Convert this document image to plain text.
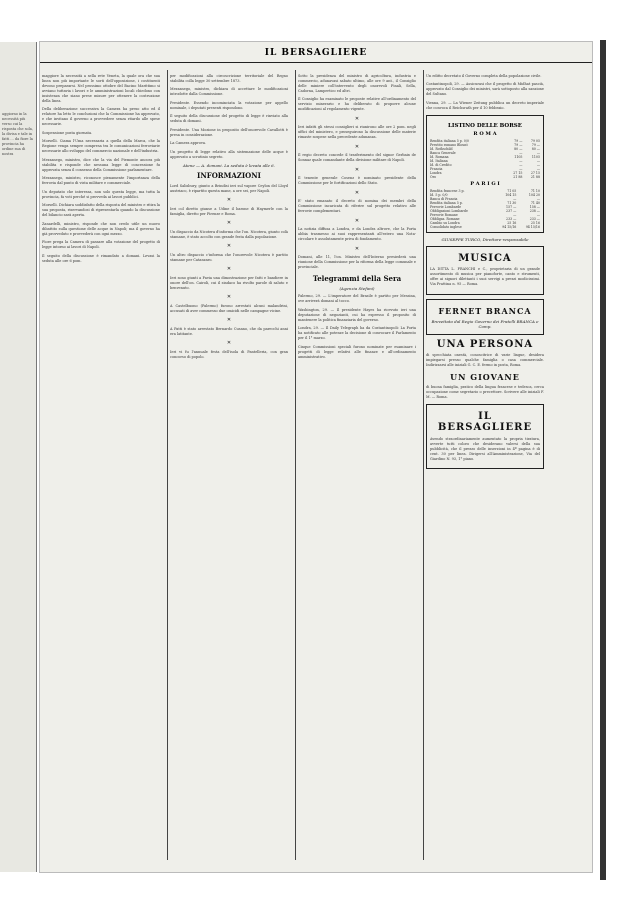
aggiorno in la necessità più verso cui la risposta che sola, la divisa e tale in fatti ... da fiore la provincia ha ordine sua di nostra
IL BERSAGLIERE

maggiore la necessità a sella rete Veneta, la quale ora che sua linea non più importante le sorti dell'opposizione, i costituenti devono prepararsi. Nel prossimo ottobre del Bacino Marittimo si avviano tuttavia i lavori e le amministrazioni locali chiedono con insistenza che siano prese misure per ottenere la costruzione della linea.

Della deliberazione successiva la Camera ha preso atto ed il relatore ha letto le conclusioni che la Commissione ha approvato, e che invitano il governo a provvedere senza ritardo alle spese necessarie.

Sospensione posta giornata.

Morselli. Ciama l'Uma necessaria a quella della Marca, che la Regione venga sempre compresa tra le comunicazioni ferroviarie necessarie allo sviluppo del commercio nazionale e dell'industria.

Mezzanego, ministro, dice che la via del Piemonte ancora più stabilita e risponde che nessuna legge di concessione fu approvata senza il consenso della Commissione parlamentare.

Mezzanego, ministro, riconosce pienamente l'importanza della ferrovia dal punto di vista militare e commerciale.

Un deputato che interessa, non solo questa legge, ma tutta la provincia, fa voti perché si provveda ai lavori pubblici.

Morselli. Dichiara soddisfatto della risposta del ministro e ritira la sua proposta, riservandosi di ripresentarla quando la discussione del bilancio sarà aperta.

Zanardelli, ministro, risponde che non credo utile un nuovo dibattito sulla questione delle acque in Napoli; ma il governo ha già provveduto e provvederà con ogni mezzo.

Fiore prega la Camera di passare alla votazione del progetto di legge intorno ai lavori di Napoli.

Il seguito della discussione è rimandato a domani. Levasi la seduta alle ore 6 pom.

per modificazioni alla circoscrizione territoriale del Regno stabilita colla legge 30 settembre 1873.

Mezzanego, ministro, dichiara di accettare le modificazioni introdotte dalla Commissione.

Presidente. Essendo incominciata la votazione per appello nominale, i deputati presenti rispondono.

Il seguito della discussione del progetto di legge è rinviato alla seduta di domani.

Presidente. Una Mozione in proposito dell'onorevole Cavallotti è presa in considerazione.

La Camera approva.

Un progetto di legge relativo alla sistemazione delle acque è approvato a scrutinio segreto.

Atene — A. domani. La seduta è levata alle 6.

INFORMAZIONI

Lord Salisbury, giunto a Brindisi ieri sul vapore Ceylon del Lloyd austriaco, è ripartito questa mane, a ore sei, per Napoli.

✕

Ieri col diretto giunse a Udine il barone di Haymerle con la famiglia, diretto per Firenze e Roma.

✕

Un dispaccio da Nicotera d'informa che l'on. Nicotera, giunto colà stamane, è stato accolto con grande festa dalla popolazione.

✕

Un altro dispaccio c'informa che l'onorevole Nicotera è partito stamane per Catanzaro.

✕

Ieri sono giunti a Pavia una dimostrazione per fatti e bandiere in onore dell'on. Cairoli, cui il sindaco ha rivolto parole di saluto e benvenuto.

✕

A Castelbuono (Palermo) furono arrestati alcuni malandrini, accusati di aver commesso due omicidi nelle campagne vicine.

✕

A Patti è stato arrestato Bernardo Cusano, che da parecchi anni era latitante.

✕

Ieri vi fu l'annuale festa dell'isola di Pantelleria, con gran concorso di popolo.

Sotto la presidenza del ministro di agricoltura, industria e commercio, adunavasi sabato ultimo, alle ore 9 ant., il Consiglio delle miniere coll'intervento degli onorevoli Finali, Sella, Cadorna, Lampertico ed altri.

Il Consiglio ha esaminato le proposte relative all'ordinamento del servizio minerario e ha deliberato di proporre alcune modificazioni al regolamento vigente.

✕

Ieri infatti gli stessi consiglieri si riunirono alle ore 2 pom. negli uffici del ministero, e proseguirono la discussione delle materie rimaste sospese nella precedente adunanza.

✕

Il regio decreto concede il trasferimento del signor Gerbaix de Sonnaz quale comandante della divisione militare di Napoli.

✕

Il tenente generale Cosenz è nominato presidente della Commissione per le fortificazioni dello Stato.

✕

E' stato emanato il decreto di nomina dei membri della Commissione incaricata di riferire sul progetto relativo alle ferrovie complementari.

✕

La notizia diffusa a Londra, e da Londra altrove, che la Porta abbia trasmesso ai suoi rappresentanti all'estero una Nota-circolare è assolutamente priva di fondamento.

✕

Domani, alle 11, l'on. Ministro dell'Interno presiederà una riunione della Commissione per la riforma della legge comunale e provinciale.

Telegrammi della Sera
(Agenzia Stefani)

Palermo, 29. — L'imperatore del Brasile è partito per Messina, ove arriverà domani al tocco.

Washington, 29. — Il presidente Hayes ha ricevuto ieri una deputazione di negozianti, cui ha espresso il proposito di mantenere la politica finanziaria del governo.

Londra, 29. — Il Daily Telegraph ha da Costantinopoli: La Porta ha notificato alle potenze la decisione di convocare il Parlamento per il 1° marzo.

Cinque Commissioni speciali furono nominate per esaminare i progetti di legge relativi alle finanze e all'ordinamento amministrativo.

Un editto decretato il Governo completa della popolazione civile.

Costantinopoli, 29. — Assicurasi che il progetto di Midhat pascià, approvato dal Consiglio dei ministri, sarà sottoposto alla sanzione del Sultano.

Vienna, 29. — La Wiener Zeitung pubblica un decreto imperiale che convoca il Reichsrath per il 10 febbraio.

LISTINO DELLE BORSE
R O M A
Rendita italiana 5 p. 0/0	79 —	79 05
Prestito romano Blount	79 —	79 —
Id. Rothschild	80 —	80 —
Banca Generale	—	—
Id. Romana	1105	1105
Id. Italiana	—	—
Id. di Credito	—	—
Francia	—	—
Londra	27 15	27 15
Oro	21 88	21 88
P A R I G I
Rendita francese 3 p.	71 05	71 10
Id. 5 p. 0/0	104 15	104 20
Banca di Francia	—	—
Rendita italiana 5 p.	71 30	71 40
Ferrovie Lombarde	157 —	158 —
Obbligazioni Lombarde	237 —	238 —
Ferrovie Romane	—	—
Obbligaz. Romane	233 —	233 —
Cambio su Londra	25 16	25 16
Consolidato inglese	94 15/16	94 15/16

GIUSEPPE TURCO, Direttore-responsabile

MUSICA

LA DITTA L. FRANCHI e C., proprietaria di un grande assortimento di musica per pianoforte, canto e strumenti, offre ai signori dilettanti i suoi servigi a prezzi modicissimi. Via Frattina n. 95 — Roma.

FERNET BRANCA
Brevettato dal Regio Governo dei Fratelli BRANCA e Comp.
UNA PERSONA

di specchiata onestà, conoscitrice di varie lingue, desidera impiegarsi presso qualche famiglia o casa commerciale. Indirizzarsi alle iniziali G. C. E. fermo in posta, Roma.

UN GIOVANE

di buona famiglia, pratico della lingua francese e tedesca, cerca occupazione come segretario o precettore. Scrivere alle iniziali F. M. — Roma.

IL BERSAGLIERE

Avendo straordinariamente aumentato la propria tiratura, avverte tutti coloro che desiderano valersi della sua pubblicità, che il prezzo delle inserzioni in 4ª pagina è di cent. 30 per linea. Dirigersi all'Amministrazione, Via del Giardino N. 93, 1° piano.
